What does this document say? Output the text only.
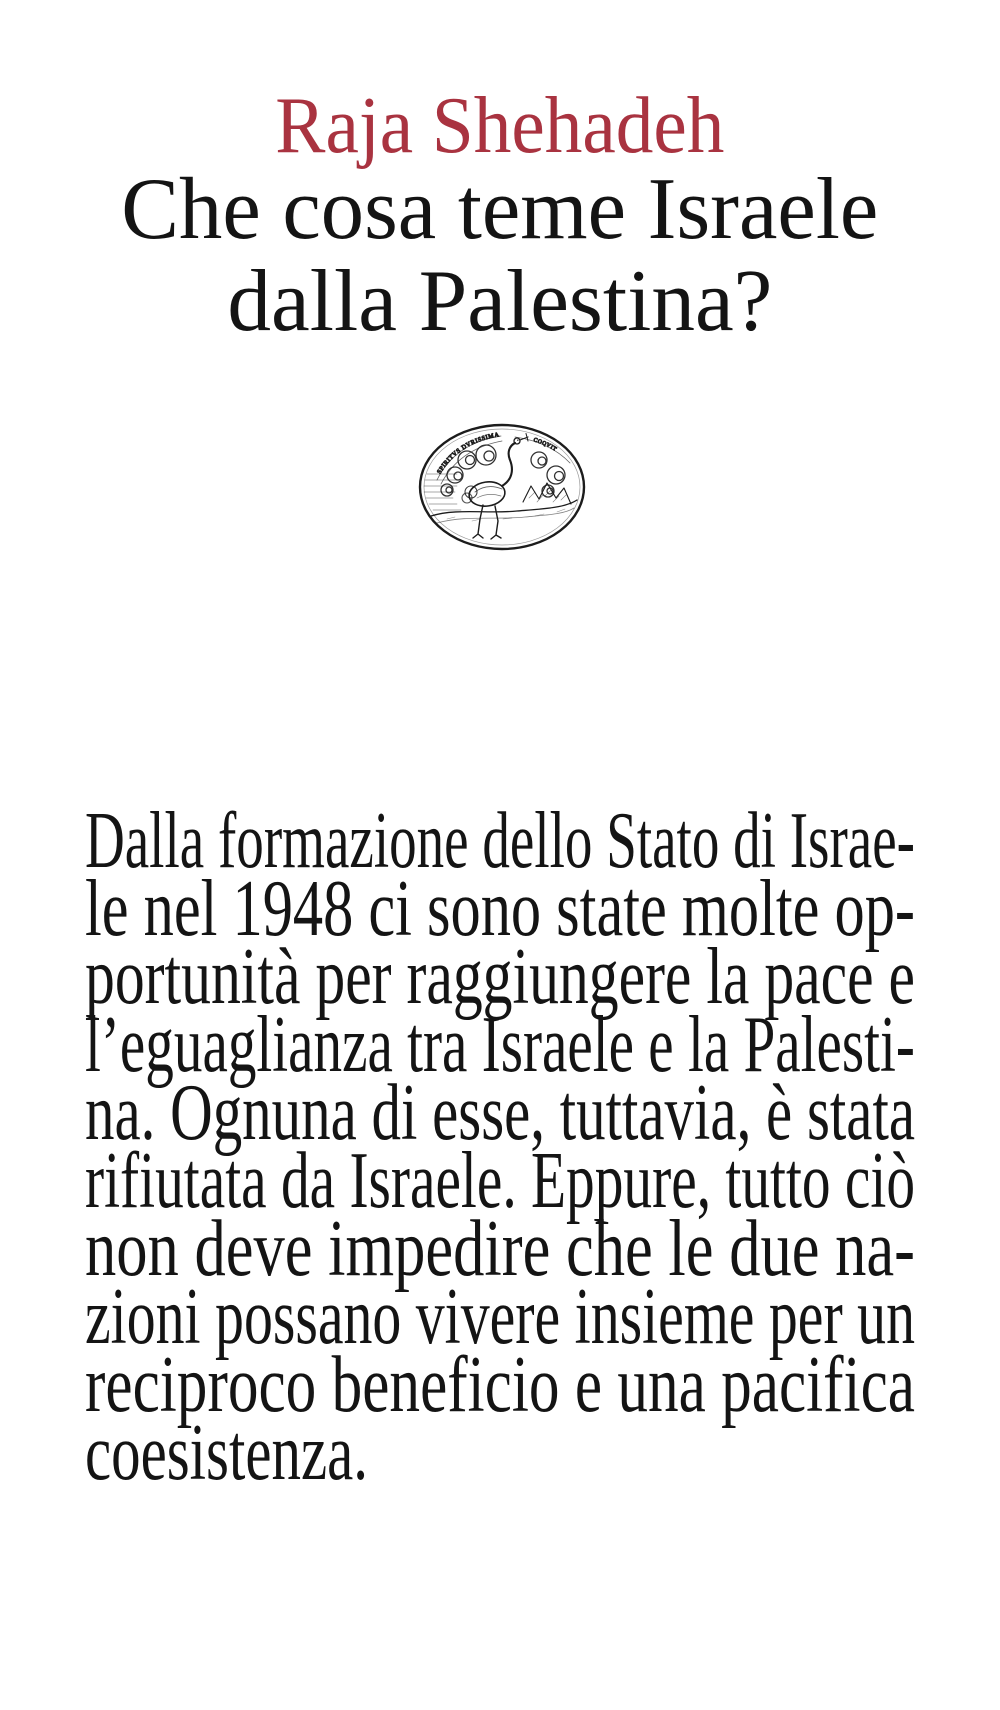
Raja Shehadeh
Che cosa teme Israele
dalla Palestina?
SPIRITVS DVRISSIMA
COQVIT
Dalla formazione dello Stato di Israe-
le nel 1948 ci sono state molte op-
portunità per raggiungere la pace e
l’eguaglianza tra Israele e la Palesti-
na. Ognuna di esse, tuttavia, è stata
rifiutata da Israele. Eppure, tutto ciò
non deve impedire che le due na-
zioni possano vivere insieme per un
reciproco beneficio e una pacifica
coesistenza.
